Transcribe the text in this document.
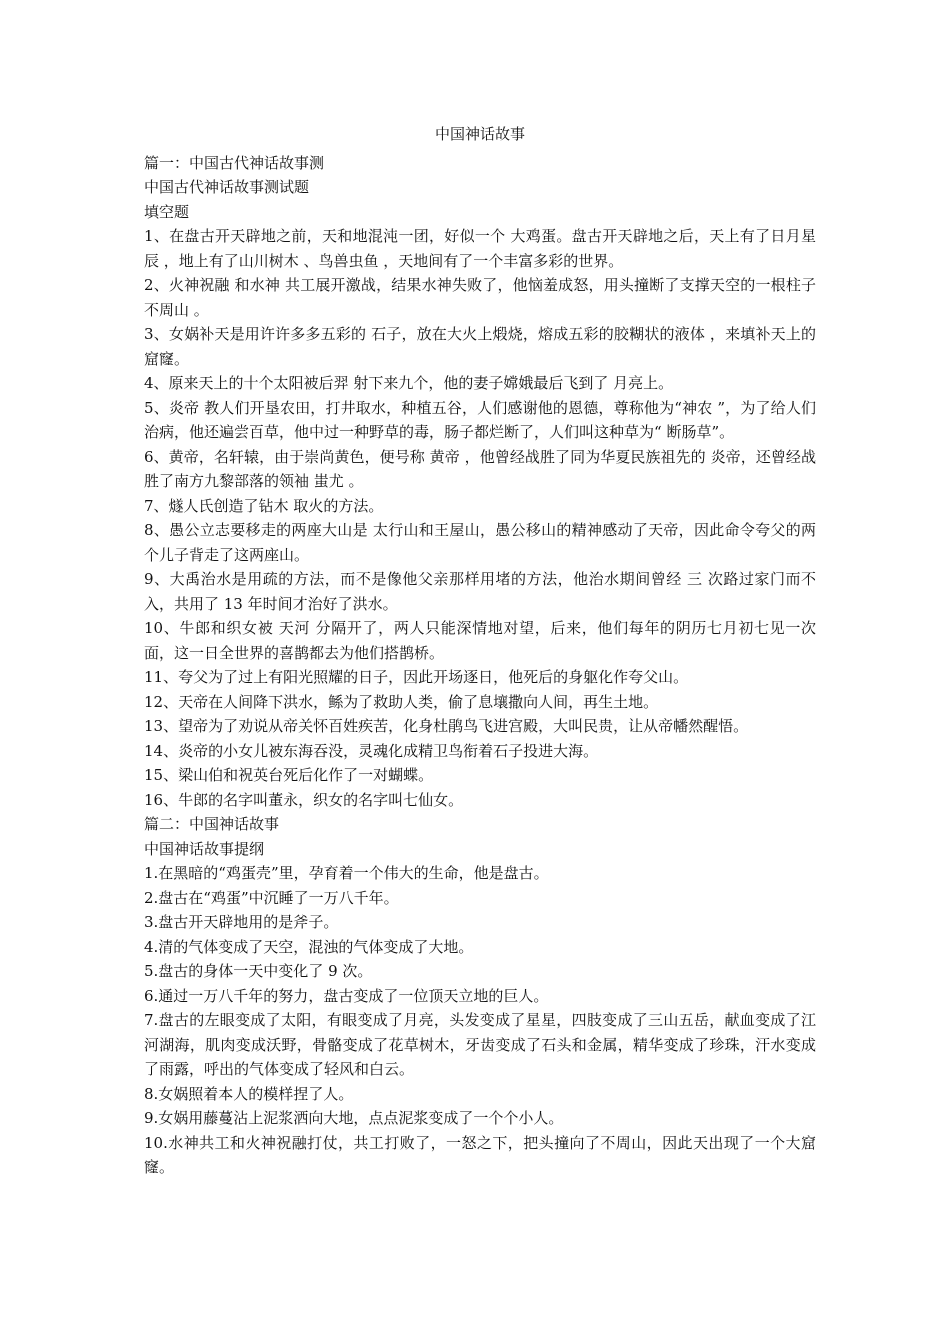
中国神话故事
篇一：中国古代神话故事测
中国古代神话故事测试题
填空题
1、在盘古开天辟地之前，天和地混沌一团，好似一个 大鸡蛋。盘古开天辟地之后，天上有了日月星辰 ，地上有了山川树木 、鸟兽虫鱼 ，天地间有了一个丰富多彩的世界。
2、火神祝融 和水神 共工展开激战，结果水神失败了，他恼羞成怒，用头撞断了支撑天空的一根柱子不周山 。
3、女娲补天是用许许多多五彩的 石子，放在大火上煅烧，熔成五彩的胶糊状的液体 ，来填补天上的窟窿。
4、原来天上的十个太阳被后羿 射下来九个，他的妻子嫦娥最后飞到了 月亮上。
5、炎帝 教人们开垦农田，打井取水，种植五谷，人们感谢他的恩德，尊称他为“神农 ”，为了给人们治病，他还遍尝百草，他中过一种野草的毒，肠子都烂断了，人们叫这种草为“ 断肠草”。
6、黄帝，名轩辕，由于崇尚黄色，便号称 黄帝 ，他曾经战胜了同为华夏民族祖先的 炎帝，还曾经战胜了南方九黎部落的领袖 蚩尤 。
7、燧人氏创造了钻木 取火的方法。
8、愚公立志要移走的两座大山是 太行山和王屋山，愚公移山的精神感动了天帝，因此命令夸父的两个儿子背走了这两座山。
9、大禹治水是用疏的方法，而不是像他父亲那样用堵的方法，他治水期间曾经 三 次路过家门而不入，共用了 13 年时间才治好了洪水。
10、牛郎和织女被 天河 分隔开了，两人只能深情地对望，后来，他们每年的阴历七月初七见一次面，这一日全世界的喜鹊都去为他们搭鹊桥。
11、夸父为了过上有阳光照耀的日子，因此开场逐日，他死后的身躯化作夸父山。
12、天帝在人间降下洪水，鲧为了救助人类，偷了息壤撒向人间，再生土地。
13、望帝为了劝说从帝关怀百姓疾苦，化身杜鹃鸟飞进宫殿，大叫民贵，让从帝幡然醒悟。
14、炎帝的小女儿被东海吞没，灵魂化成精卫鸟衔着石子投进大海。
15、梁山伯和祝英台死后化作了一对蝴蝶。
16、牛郎的名字叫董永，织女的名字叫七仙女。
篇二：中国神话故事
中国神话故事提纲
1.在黑暗的“鸡蛋壳”里，孕育着一个伟大的生命，他是盘古。
2.盘古在“鸡蛋”中沉睡了一万八千年。
3.盘古开天辟地用的是斧子。
4.清的气体变成了天空，混浊的气体变成了大地。
5.盘古的身体一天中变化了 9 次。
6.通过一万八千年的努力，盘古变成了一位顶天立地的巨人。
7.盘古的左眼变成了太阳，有眼变成了月亮，头发变成了星星，四肢变成了三山五岳，献血变成了江河湖海，肌肉变成沃野，骨骼变成了花草树木，牙齿变成了石头和金属，精华变成了珍珠，汗水变成了雨露，呼出的气体变成了轻风和白云。
8.女娲照着本人的模样捏了人。
9.女娲用藤蔓沾上泥浆洒向大地，点点泥浆变成了一个个小人。
10.水神共工和火神祝融打仗，共工打败了，一怒之下，把头撞向了不周山，因此天出现了一个大窟窿。
